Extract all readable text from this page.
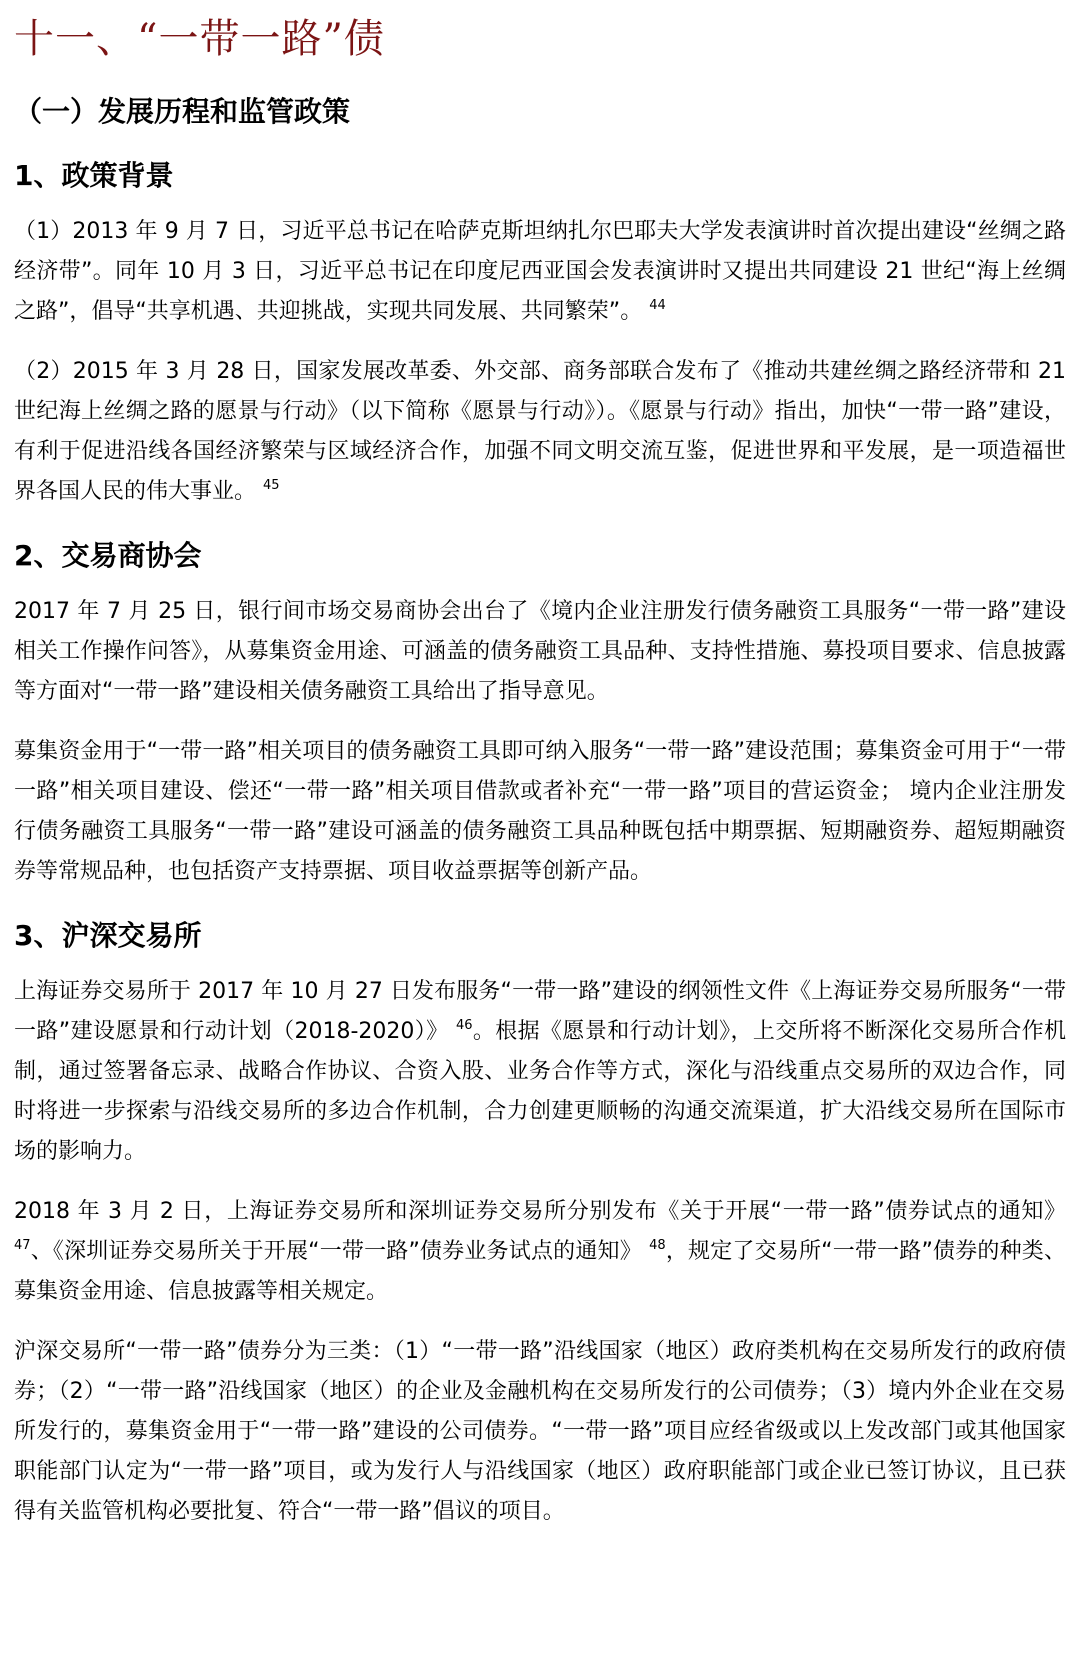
十一、“一带一路”债
（一）发展历程和监管政策
1、政策背景

（1）2013 年 9 月 7 日，习近平总书记在哈萨克斯坦纳扎尔巴耶夫大学发表演讲时首次提出建设“丝绸之路经济带”。同年 10 月 3 日，习近平总书记在印度尼西亚国会发表演讲时又提出共同建设 21 世纪“海上丝绸之路”，倡导“共享机遇、共迎挑战，实现共同发展、共同繁荣”。 $^{44}$

（2）2015 年 3 月 28 日，国家发展改革委、外交部、商务部联合发布了《推动共建丝绸之路经济带和 21 世纪海上丝绸之路的愿景与行动》（以下简称《愿景与行动》）。《愿景与行动》指出，加快“一带一路”建设，有利于促进沿线各国经济繁荣与区域经济合作，加强不同文明交流互鉴，促进世界和平发展，是一项造福世界各国人民的伟大事业。 $^{45}$

2、交易商协会

2017 年 7 月 25 日，银行间市场交易商协会出台了《境内企业注册发行债务融资工具服务“一带一路”建设相关工作操作问答》，从募集资金用途、可涵盖的债务融资工具品种、支持性措施、募投项目要求、信息披露等方面对“一带一路”建设相关债务融资工具给出了指导意见。

募集资金用于“一带一路”相关项目的债务融资工具即可纳入服务“一带一路”建设范围；募集资金可用于“一带一路”相关项目建设、偿还“一带一路”相关项目借款或者补充“一带一路”项目的营运资金； 境内企业注册发行债务融资工具服务“一带一路”建设可涵盖的债务融资工具品种既包括中期票据、短期融资券、超短期融资券等常规品种，也包括资产支持票据、项目收益票据等创新产品。

3、沪深交易所

上海证券交易所于 2017 年 10 月 27 日发布服务“一带一路”建设的纲领性文件《上海证券交易所服务“一带一路”建设愿景和行动计划（2018-2020）》 $^{46}$。根据《愿景和行动计划》，上交所将不断深化交易所合作机制，通过签署备忘录、战略合作协议、合资入股、业务合作等方式，深化与沿线重点交易所的双边合作，同时将进一步探索与沿线交易所的多边合作机制，合力创建更顺畅的沟通交流渠道，扩大沿线交易所在国际市场的影响力。

2018 年 3 月 2 日，上海证券交易所和深圳证券交易所分别发布《关于开展“一带一路”债券试点的通知》 $^{47}$、《深圳证券交易所关于开展“一带一路”债券业务试点的通知》 $^{48}$，规定了交易所“一带一路”债券的种类、募集资金用途、信息披露等相关规定。

沪深交易所“一带一路”债券分为三类：（1）“一带一路”沿线国家（地区）政府类机构在交易所发行的政府债券；（2）“一带一路”沿线国家（地区）的企业及金融机构在交易所发行的公司债券；（3）境内外企业在交易所发行的，募集资金用于“一带一路”建设的公司债券。“一带一路”项目应经省级或以上发改部门或其他国家职能部门认定为“一带一路”项目，或为发行人与沿线国家（地区）政府职能部门或企业已签订协议，且已获得有关监管机构必要批复、符合“一带一路”倡议的项目。
